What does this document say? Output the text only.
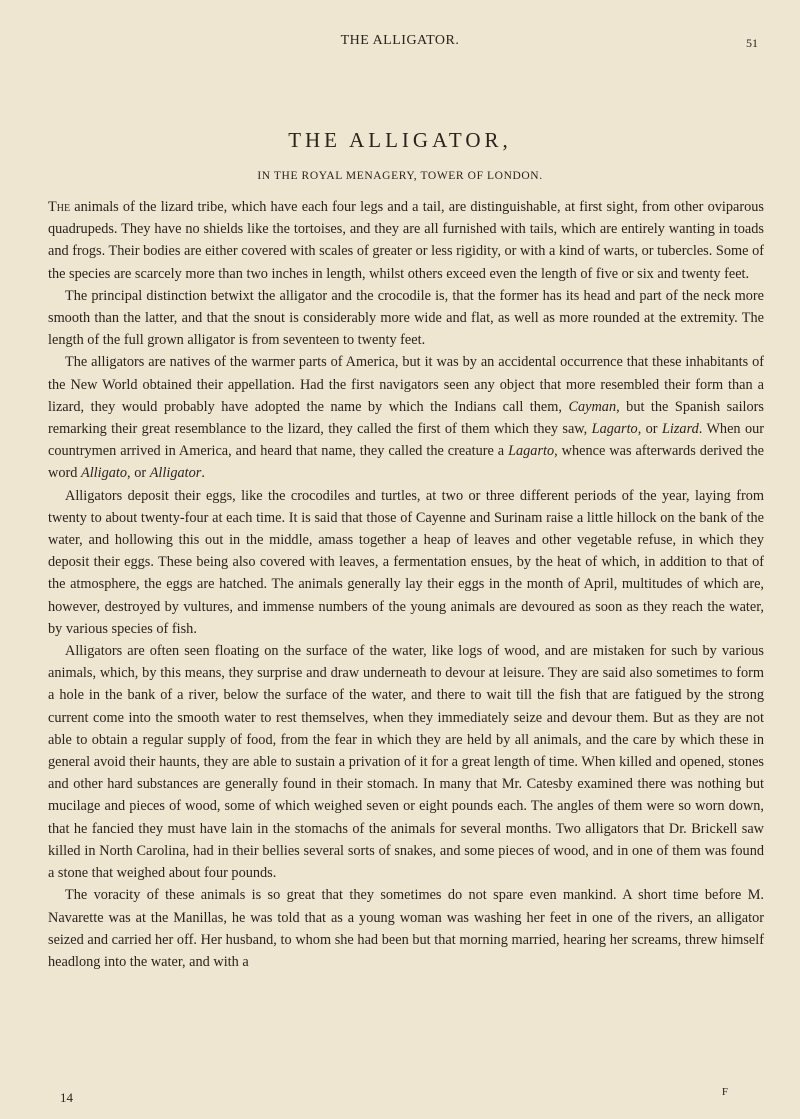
THE ALLIGATOR.	51
THE ALLIGATOR,
IN THE ROYAL MENAGERY, TOWER OF LONDON.

The animals of the lizard tribe, which have each four legs and a tail, are distinguishable, at first sight, from other oviparous quadrupeds. They have no shields like the tortoises, and they are all furnished with tails, which are entirely wanting in toads and frogs. Their bodies are either covered with scales of greater or less rigidity, or with a kind of warts, or tubercles. Some of the species are scarcely more than two inches in length, whilst others exceed even the length of five or six and twenty feet.

The principal distinction betwixt the alligator and the crocodile is, that the former has its head and part of the neck more smooth than the latter, and that the snout is considerably more wide and flat, as well as more rounded at the extremity. The length of the full grown alligator is from seventeen to twenty feet.

The alligators are natives of the warmer parts of America, but it was by an accidental occurrence that these inhabitants of the New World obtained their appellation. Had the first navigators seen any object that more resembled their form than a lizard, they would probably have adopted the name by which the Indians call them, Cayman, but the Spanish sailors remarking their great resemblance to the lizard, they called the first of them which they saw, Lagarto, or Lizard. When our countrymen arrived in America, and heard that name, they called the creature a Lagarto, whence was afterwards derived the word Alligato, or Alligator.

Alligators deposit their eggs, like the crocodiles and turtles, at two or three different periods of the year, laying from twenty to about twenty-four at each time. It is said that those of Cayenne and Surinam raise a little hillock on the bank of the water, and hollowing this out in the middle, amass together a heap of leaves and other vegetable refuse, in which they deposit their eggs. These being also covered with leaves, a fermentation ensues, by the heat of which, in addition to that of the atmosphere, the eggs are hatched. The animals generally lay their eggs in the month of April, multitudes of which are, however, destroyed by vultures, and immense numbers of the young animals are devoured as soon as they reach the water, by various species of fish.

Alligators are often seen floating on the surface of the water, like logs of wood, and are mistaken for such by various animals, which, by this means, they surprise and draw underneath to devour at leisure. They are said also sometimes to form a hole in the bank of a river, below the surface of the water, and there to wait till the fish that are fatigued by the strong current come into the smooth water to rest themselves, when they immediately seize and devour them. But as they are not able to obtain a regular supply of food, from the fear in which they are held by all animals, and the care by which these in general avoid their haunts, they are able to sustain a privation of it for a great length of time. When killed and opened, stones and other hard substances are generally found in their stomach. In many that Mr. Catesby examined there was nothing but mucilage and pieces of wood, some of which weighed seven or eight pounds each. The angles of them were so worn down, that he fancied they must have lain in the stomachs of the animals for several months. Two alligators that Dr. Brickell saw killed in North Carolina, had in their bellies several sorts of snakes, and some pieces of wood, and in one of them was found a stone that weighed about four pounds.

The voracity of these animals is so great that they sometimes do not spare even mankind. A short time before M. Navarette was at the Manillas, he was told that as a young woman was washing her feet in one of the rivers, an alligator seized and carried her off. Her husband, to whom she had been but that morning married, hearing her screams, threw himself headlong into the water, and with a

14	F
